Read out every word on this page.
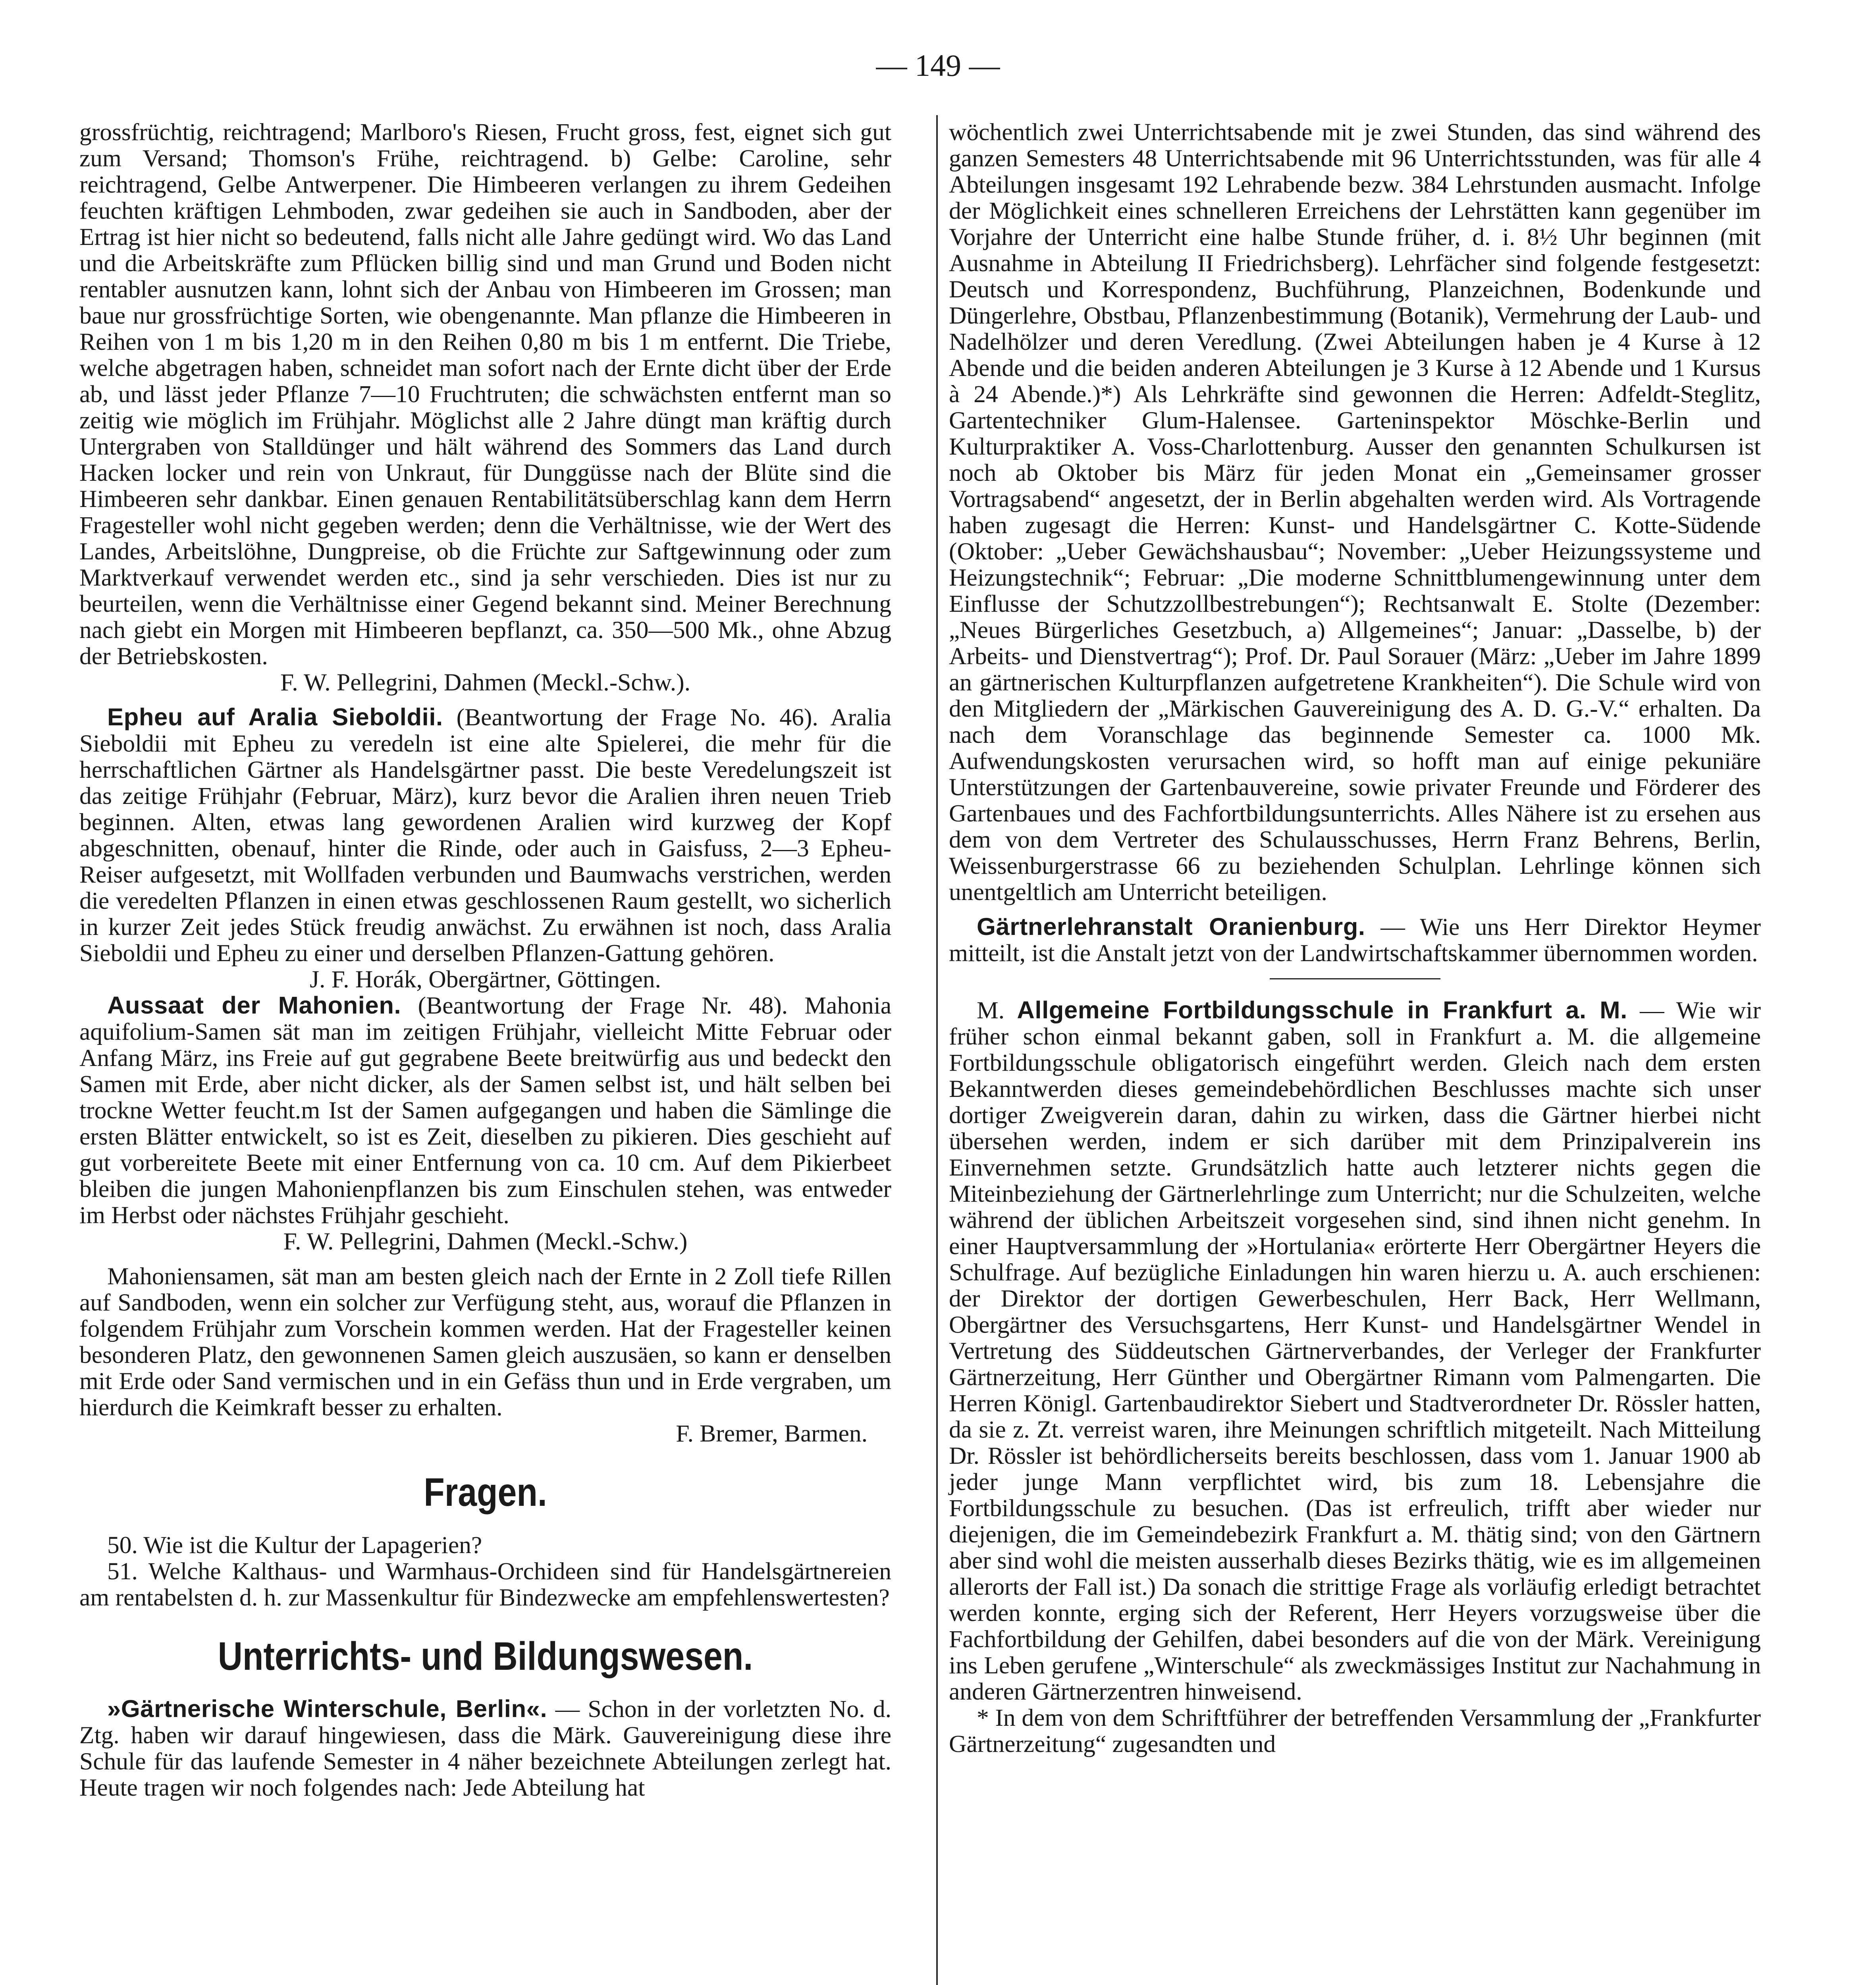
— 149 —

grossfrüchtig, reichtragend; Marlboro's Riesen, Frucht gross, fest, eignet sich gut zum Versand; Thomson's Frühe, reichtragend. b) Gelbe: Caroline, sehr reichtragend, Gelbe Antwerpener. Die Himbeeren verlangen zu ihrem Gedeihen feuchten kräftigen Lehmboden, zwar gedeihen sie auch in Sandboden, aber der Ertrag ist hier nicht so bedeutend, falls nicht alle Jahre gedüngt wird. Wo das Land und die Arbeitskräfte zum Pflücken billig sind und man Grund und Boden nicht rentabler ausnutzen kann, lohnt sich der Anbau von Himbeeren im Grossen; man baue nur grossfrüchtige Sorten, wie obengenannte. Man pflanze die Himbeeren in Reihen von 1 m bis 1,20 m in den Reihen 0,80 m bis 1 m entfernt. Die Triebe, welche abgetragen haben, schneidet man sofort nach der Ernte dicht über der Erde ab, und lässt jeder Pflanze 7—10 Fruchtruten; die schwächsten entfernt man so zeitig wie möglich im Frühjahr. Möglichst alle 2 Jahre düngt man kräftig durch Untergraben von Stalldünger und hält während des Sommers das Land durch Hacken locker und rein von Unkraut, für Dunggüsse nach der Blüte sind die Himbeeren sehr dankbar. Einen genauen Rentabilitätsüberschlag kann dem Herrn Fragesteller wohl nicht gegeben werden; denn die Verhältnisse, wie der Wert des Landes, Arbeitslöhne, Dungpreise, ob die Früchte zur Saftgewinnung oder zum Marktverkauf verwendet werden etc., sind ja sehr verschieden. Dies ist nur zu beurteilen, wenn die Verhältnisse einer Gegend bekannt sind. Meiner Berechnung nach giebt ein Morgen mit Himbeeren bepflanzt, ca. 350—500 Mk., ohne Abzug der Betriebskosten.

F. W. Pellegrini, Dahmen (Meckl.-Schw.).

Epheu auf Aralia Sieboldii. (Beantwortung der Frage No. 46). Aralia Sieboldii mit Epheu zu veredeln ist eine alte Spielerei, die mehr für die herrschaftlichen Gärtner als Handelsgärtner passt. Die beste Veredelungszeit ist das zeitige Frühjahr (Februar, März), kurz bevor die Aralien ihren neuen Trieb beginnen. Alten, etwas lang gewordenen Aralien wird kurzweg der Kopf abgeschnitten, obenauf, hinter die Rinde, oder auch in Gaisfuss, 2—3 Epheu-Reiser aufgesetzt, mit Wollfaden verbunden und Baumwachs verstrichen, werden die veredelten Pflanzen in einen etwas geschlossenen Raum gestellt, wo sicherlich in kurzer Zeit jedes Stück freudig anwächst. Zu erwähnen ist noch, dass Aralia Sieboldii und Epheu zu einer und derselben Pflanzen-Gattung gehören.

J. F. Horák, Obergärtner, Göttingen.

Aussaat der Mahonien. (Beantwortung der Frage Nr. 48). Mahonia aquifolium-Samen sät man im zeitigen Frühjahr, vielleicht Mitte Februar oder Anfang März, ins Freie auf gut gegrabene Beete breitwürfig aus und bedeckt den Samen mit Erde, aber nicht dicker, als der Samen selbst ist, und hält selben bei trockne Wetter feucht.m Ist der Samen aufgegangen und haben die Sämlinge die ersten Blätter entwickelt, so ist es Zeit, dieselben zu pikieren. Dies geschieht auf gut vorbereitete Beete mit einer Entfernung von ca. 10 cm. Auf dem Pikierbeet bleiben die jungen Mahonienpflanzen bis zum Einschulen stehen, was entweder im Herbst oder nächstes Frühjahr geschieht.

F. W. Pellegrini, Dahmen (Meckl.-Schw.)

Mahoniensamen, sät man am besten gleich nach der Ernte in 2 Zoll tiefe Rillen auf Sandboden, wenn ein solcher zur Verfügung steht, aus, worauf die Pflanzen in folgendem Frühjahr zum Vorschein kommen werden. Hat der Fragesteller keinen besonderen Platz, den gewonnenen Samen gleich auszusäen, so kann er denselben mit Erde oder Sand vermischen und in ein Gefäss thun und in Erde vergraben, um hierdurch die Keimkraft besser zu erhalten.

F. Bremer, Barmen.

Fragen.

50. Wie ist die Kultur der Lapagerien?

51. Welche Kalthaus- und Warmhaus-Orchideen sind für Handelsgärtnereien am rentabelsten d. h. zur Massenkultur für Bindezwecke am empfehlenswertesten?

Unterrichts- und Bildungswesen.

»Gärtnerische Winterschule, Berlin«. — Schon in der vorletzten No. d. Ztg. haben wir darauf hingewiesen, dass die Märk. Gauvereinigung diese ihre Schule für das laufende Semester in 4 näher bezeichnete Abteilungen zerlegt hat. Heute tragen wir noch folgendes nach: Jede Abteilung hat

wöchentlich zwei Unterrichtsabende mit je zwei Stunden, das sind während des ganzen Semesters 48 Unterrichtsabende mit 96 Unterrichtsstunden, was für alle 4 Abteilungen insgesamt 192 Lehrabende bezw. 384 Lehrstunden ausmacht. Infolge der Möglichkeit eines schnelleren Erreichens der Lehrstätten kann gegenüber im Vorjahre der Unterricht eine halbe Stunde früher, d. i. 8½ Uhr beginnen (mit Ausnahme in Abteilung II Friedrichsberg). Lehrfächer sind folgende festgesetzt: Deutsch und Korrespondenz, Buchführung, Planzeichnen, Bodenkunde und Düngerlehre, Obstbau, Pflanzenbestimmung (Botanik), Vermehrung der Laub- und Nadelhölzer und deren Veredlung. (Zwei Abteilungen haben je 4 Kurse à 12 Abende und die beiden anderen Abteilungen je 3 Kurse à 12 Abende und 1 Kursus à 24 Abende.)*) Als Lehrkräfte sind gewonnen die Herren: Adfeldt-Steglitz, Gartentechniker Glum-Halensee. Garteninspektor Möschke-Berlin und Kulturpraktiker A. Voss-Charlottenburg. Ausser den genannten Schulkursen ist noch ab Oktober bis März für jeden Monat ein „Gemeinsamer grosser Vortragsabend“ angesetzt, der in Berlin abgehalten werden wird. Als Vortragende haben zugesagt die Herren: Kunst- und Handelsgärtner C. Kotte-Südende (Oktober: „Ueber Gewächshausbau“; November: „Ueber Heizungssysteme und Heizungstechnik“; Februar: „Die moderne Schnittblumengewinnung unter dem Einflusse der Schutzzollbestrebungen“); Rechtsanwalt E. Stolte (Dezember: „Neues Bürgerliches Gesetzbuch, a) Allgemeines“; Januar: „Dasselbe, b) der Arbeits- und Dienstvertrag“); Prof. Dr. Paul Sorauer (März: „Ueber im Jahre 1899 an gärtnerischen Kulturpflanzen aufgetretene Krankheiten“). Die Schule wird von den Mitgliedern der „Märkischen Gauvereinigung des A. D. G.-V.“ erhalten. Da nach dem Voranschlage das beginnende Semester ca. 1000 Mk. Aufwendungskosten verursachen wird, so hofft man auf einige pekuniäre Unterstützungen der Gartenbauvereine, sowie privater Freunde und Förderer des Gartenbaues und des Fachfortbildungsunterrichts. Alles Nähere ist zu ersehen aus dem von dem Vertreter des Schulausschusses, Herrn Franz Behrens, Berlin, Weissenburgerstrasse 66 zu beziehenden Schulplan. Lehrlinge können sich unentgeltlich am Unterricht beteiligen.

Gärtnerlehranstalt Oranienburg. — Wie uns Herr Direktor Heymer mitteilt, ist die Anstalt jetzt von der Landwirtschaftskammer übernommen worden.

M. Allgemeine Fortbildungsschule in Frankfurt a. M. — Wie wir früher schon einmal bekannt gaben, soll in Frankfurt a. M. die allgemeine Fortbildungsschule obligatorisch eingeführt werden. Gleich nach dem ersten Bekanntwerden dieses gemeindebehördlichen Beschlusses machte sich unser dortiger Zweigverein daran, dahin zu wirken, dass die Gärtner hierbei nicht übersehen werden, indem er sich darüber mit dem Prinzipalverein ins Einvernehmen setzte. Grundsätzlich hatte auch letzterer nichts gegen die Miteinbeziehung der Gärtnerlehrlinge zum Unterricht; nur die Schulzeiten, welche während der üblichen Arbeitszeit vorgesehen sind, sind ihnen nicht genehm. In einer Hauptversammlung der »Hortulania« erörterte Herr Obergärtner Heyers die Schulfrage. Auf bezügliche Einladungen hin waren hierzu u. A. auch erschienen: der Direktor der dortigen Gewerbeschulen, Herr Back, Herr Wellmann, Obergärtner des Versuchsgartens, Herr Kunst- und Handelsgärtner Wendel in Vertretung des Süddeutschen Gärtnerverbandes, der Verleger der Frankfurter Gärtnerzeitung, Herr Günther und Obergärtner Rimann vom Palmengarten. Die Herren Königl. Gartenbaudirektor Siebert und Stadtverordneter Dr. Rössler hatten, da sie z. Zt. verreist waren, ihre Meinungen schriftlich mitgeteilt. Nach Mitteilung Dr. Rössler ist behördlicherseits bereits beschlossen, dass vom 1. Januar 1900 ab jeder junge Mann verpflichtet wird, bis zum 18. Lebensjahre die Fortbildungsschule zu besuchen. (Das ist erfreulich, trifft aber wieder nur diejenigen, die im Gemeindebezirk Frankfurt a. M. thätig sind; von den Gärtnern aber sind wohl die meisten ausserhalb dieses Bezirks thätig, wie es im allgemeinen allerorts der Fall ist.) Da sonach die strittige Frage als vorläufig erledigt betrachtet werden konnte, erging sich der Referent, Herr Heyers vorzugsweise über die Fachfortbildung der Gehilfen, dabei besonders auf die von der Märk. Vereinigung ins Leben gerufene „Winterschule“ als zweckmässiges Institut zur Nachahmung in anderen Gärtnerzentren hinweisend.

* In dem von dem Schriftführer der betreffenden Versammlung der „Frankfurter Gärtnerzeitung“ zugesandten und
